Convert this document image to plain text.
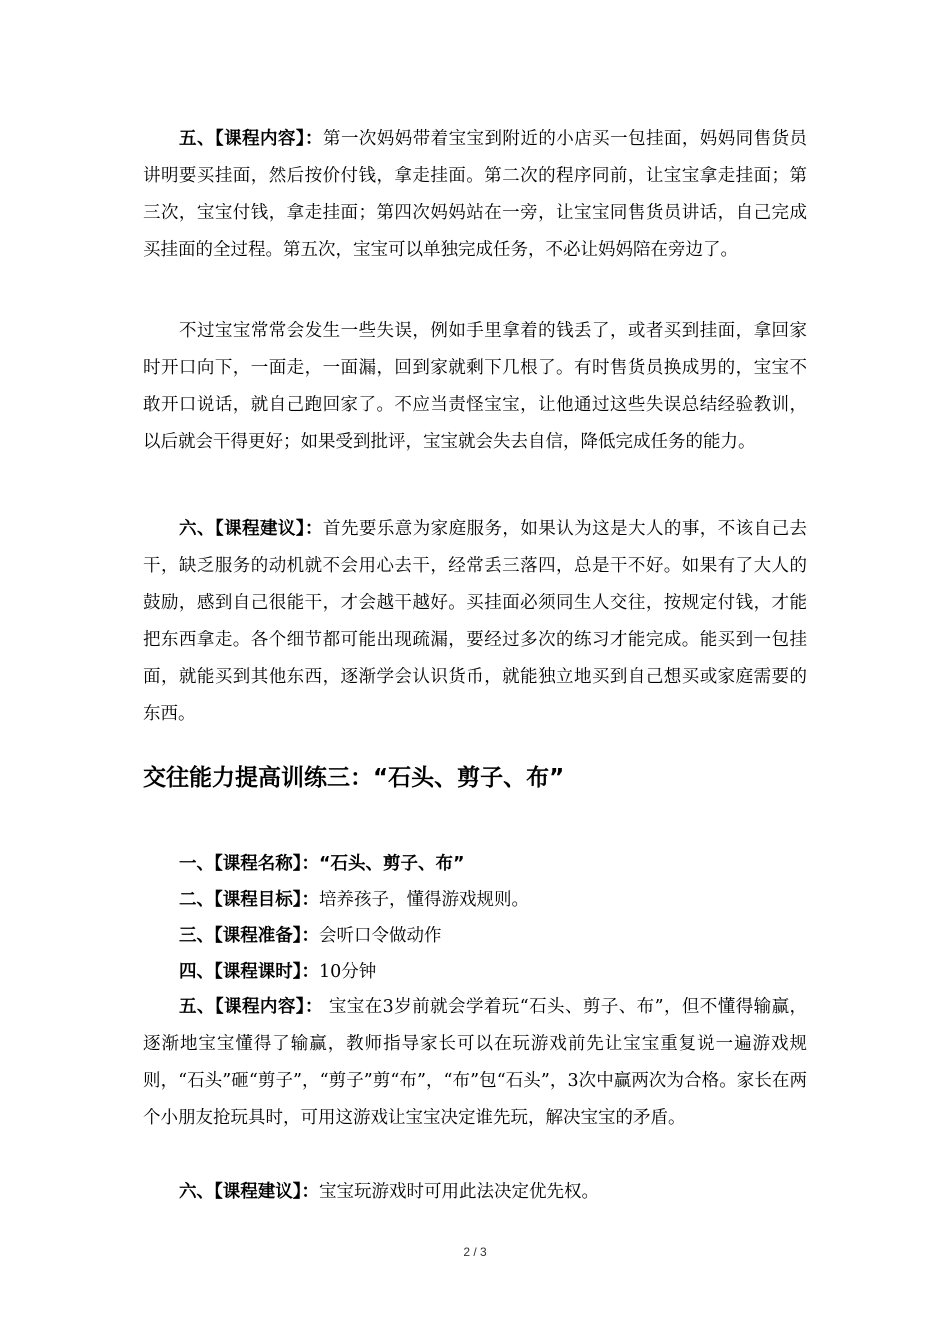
五、【课程内容】：第一次妈妈带着宝宝到附近的小店买一包挂面，妈妈同售货员讲明要买挂面，然后按价付钱，拿走挂面。第二次的程序同前，让宝宝拿走挂面；第三次，宝宝付钱，拿走挂面；第四次妈妈站在一旁，让宝宝同售货员讲话，自己完成买挂面的全过程。第五次，宝宝可以单独完成任务，不必让妈妈陪在旁边了。

不过宝宝常常会发生一些失误，例如手里拿着的钱丢了，或者买到挂面，拿回家时开口向下，一面走，一面漏，回到家就剩下几根了。有时售货员换成男的，宝宝不敢开口说话，就自己跑回家了。不应当责怪宝宝，让他通过这些失误总结经验教训，以后就会干得更好；如果受到批评，宝宝就会失去自信，降低完成任务的能力。

六、【课程建议】：首先要乐意为家庭服务，如果认为这是大人的事，不该自己去干，缺乏服务的动机就不会用心去干，经常丢三落四，总是干不好。如果有了大人的鼓励，感到自己很能干，才会越干越好。买挂面必须同生人交往，按规定付钱，才能把东西拿走。各个细节都可能出现疏漏，要经过多次的练习才能完成。能买到一包挂面，就能买到其他东西，逐渐学会认识货币，就能独立地买到自己想买或家庭需要的东西。

交往能力提高训练三：“石头、剪子、布”

一、【课程名称】：“石头、剪子、布”

二、【课程目标】：培养孩子，懂得游戏规则。

三、【课程准备】：会听口令做动作

四、【课程课时】：10分钟

五、【课程内容】： 宝宝在3岁前就会学着玩“石头、剪子、布”，但不懂得输赢，逐渐地宝宝懂得了输赢，教师指导家长可以在玩游戏前先让宝宝重复说一遍游戏规则，“石头”砸“剪子”，“剪子”剪“布”，“布”包“石头”，3次中赢两次为合格。家长在两个小朋友抢玩具时，可用这游戏让宝宝决定谁先玩，解决宝宝的矛盾。

六、【课程建议】：宝宝玩游戏时可用此法决定优先权。

2 / 3
